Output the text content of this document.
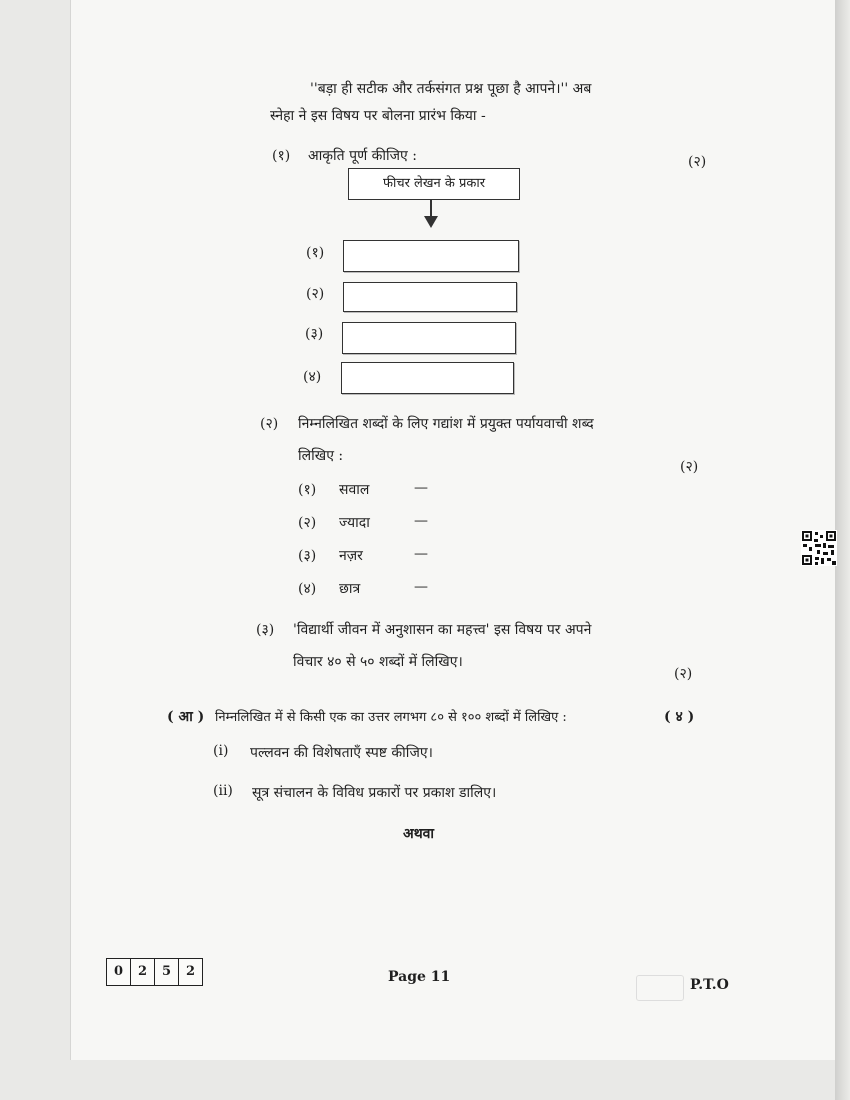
''बड़ा ही सटीक और तर्कसंगत प्रश्न पूछा है आपने।'' अब
स्नेहा ने इस विषय पर बोलना प्रारंभ किया -
(१) आकृति पूर्ण कीजिए :	(२)
फीचर लेखन के प्रकार
(१)
(२)
(३)
(४)
(२) निम्नलिखित शब्दों के लिए गद्यांश में प्रयुक्त पर्यायवाची शब्द
लिखिए :
(२)
(१) सवाल	—
(२) ज्यादा	—
(३) नज़र	—
(४) छात्र	—
(३) 'विद्यार्थी जीवन में अनुशासन का महत्त्व' इस विषय पर अपने
विचार ४० से ५० शब्दों में लिखिए।
(२)
( आ ) निम्नलिखित में से किसी एक का उत्तर लगभग ८० से १०० शब्दों में लिखिए :	( ४ )
(i) पल्लवन की विशेषताएँ स्पष्ट कीजिए।
(ii) सूत्र संचालन के विविध प्रकारों पर प्रकाश डालिए।
अथवा
0	2	5	2	Page 11	P.T.O
